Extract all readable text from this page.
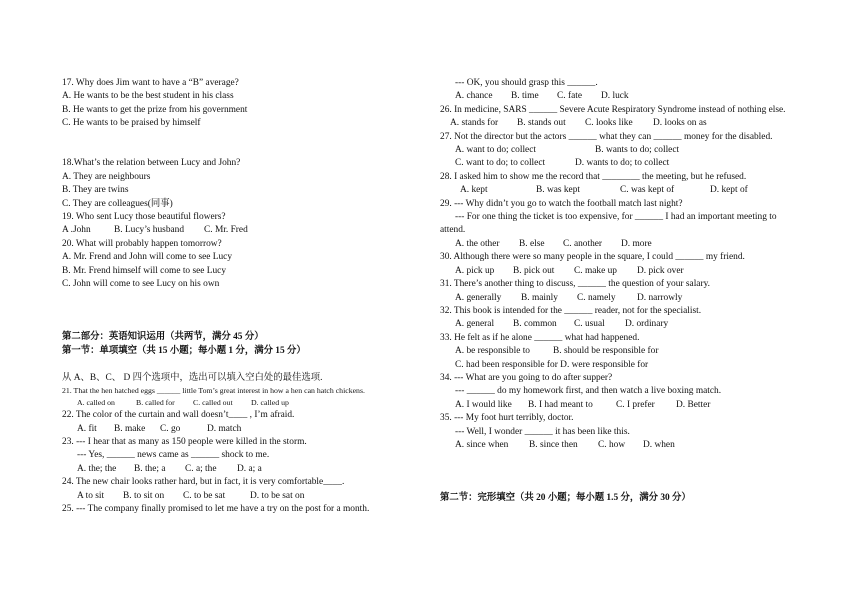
17. Why does Jim want to have a “B” average?
A. He wants to be the best student in his class
B. He wants to get the prize from his government
C. He wants to be praised by himself
18.What’s the relation between Lucy and John?
A. They are neighbours
B. They are twins
C. They are colleagues(同事)
19. Who sent Lucy those beautiful flowers?
A .John B. Lucy’s husband C. Mr. Fred
20. What will probably happen tomorrow?
A. Mr. Frend and John will come to see Lucy
B. Mr. Frend himself will come to see Lucy
C. John will come to see Lucy on his own
第二部分：英语知识运用（共两节，满分 45 分）
第一节：单项填空（共 15 小题；每小题 1 分，满分 15 分）
从 A、B、C、 D 四个选项中，选出可以填入空白处的最佳选项.
21. That the hen hatched eggs ______ little Tom’s great interest in how a hen can hatch chickens.
A. called on	B. called for C. called out D. called up
22. The color of the curtain and wall doesn’t____ , I’m afraid.
A. fit B. make C. go	D. match
23. --- I hear that as many as 150 people were killed in the storm.
--- Yes, ______ news came as ______ shock to me.
A. the; the B. the; a C. a; the D. a; a
24. The new chair looks rather hard, but in fact, it is very comfortable____.
A to sit B. to sit on C. to be sat	D. to be sat on
25. --- The company finally promised to let me have a try on the post for a month.
--- OK, you should grasp this ______.
A. chance B. time C. fate D. luck
26. In medicine, SARS ______ Severe Acute Respiratory Syndrome instead of nothing else.
A. stands for B. stands out C. looks like D. looks on as
27. Not the director but the actors ______ what they can ______ money for the disabled.
A. want to do; collect	B. wants to do; collect
C. want to do; to collect	D. wants to do; to collect
28. I asked him to show me the record that ________ the meeting, but he refused.
A. kept	B. was kept	C. was kept of	D. kept of
29. --- Why didn’t you go to watch the football match last night?
--- For one thing the ticket is too expensive, for ______ I had an important meeting to attend.
A. the other B. else C. another D. more
30. Although there were so many people in the square, I could ______ my friend.
A. pick up B. pick out C. make up D. pick over
31. There’s another thing to discuss, ______ the question of your salary.
A. generally B. mainly C. namely D. narrowly
32. This book is intended for the ______ reader, not for the specialist.
A. general B. common C. usual D. ordinary
33. He felt as if he alone ______ what had happened.
A. be responsible to B. should be responsible for
C. had been responsible for D. were responsible for
34. --- What are you going to do after supper?
--- ______ do my homework first, and then watch a live boxing match.
A. I would like B. I had meant to C. I prefer D. Better
35. --- My foot hurt terribly, doctor.
--- Well, I wonder ______ it has been like this.
A. since when B. since then C. how D. when
第二节：完形填空（共 20 小题；每小题 1.5 分，满分 30 分）
